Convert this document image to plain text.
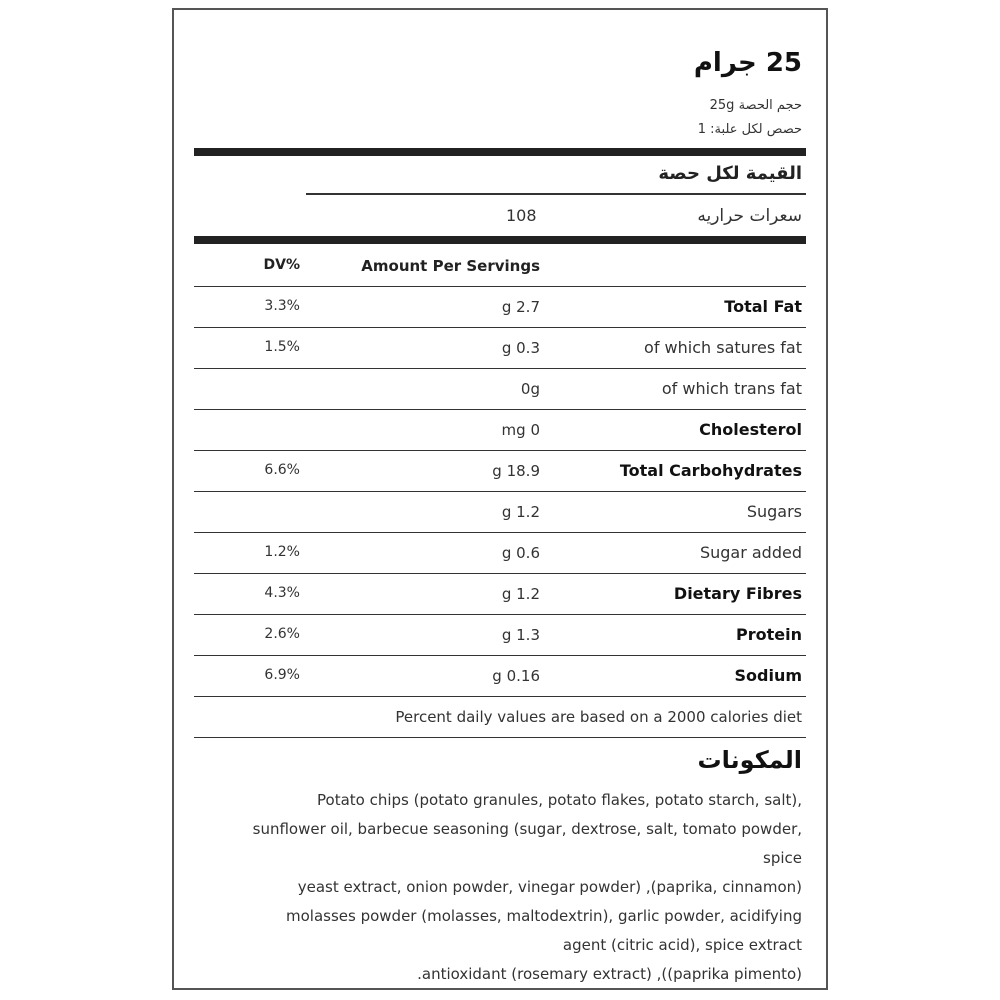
25 جرام
حجم الحصة 25g
حصص لكل علبة: 1
القيمة لكل حصة
سعرات حراريه
108
Amount Per Servings
DV%
Total Fat
g 2.7
3.3%
of which satures fat
g 0.3
1.5%
of which trans fat
0g
Cholesterol
mg 0
Total Carbohydrates
g 18.9
6.6%
Sugars
g 1.2
Sugar added
g 0.6
1.2%
Dietary Fibres
g 1.2
4.3%
Protein
g 1.3
2.6%
Sodium
g 0.16
6.9%
Percent daily values are based on a 2000 calories diet
المكونات
Potato chips (potato granules, potato flakes, potato starch, salt),
sunflower oil, barbecue seasoning (sugar, dextrose, salt, tomato powder,
spice
yeast extract, onion powder, vinegar powder) ,(paprika, cinnamon)
molasses powder (molasses, maltodextrin), garlic powder, acidifying
agent (citric acid), spice extract
.antioxidant (rosemary extract) ,((paprika pimento)
